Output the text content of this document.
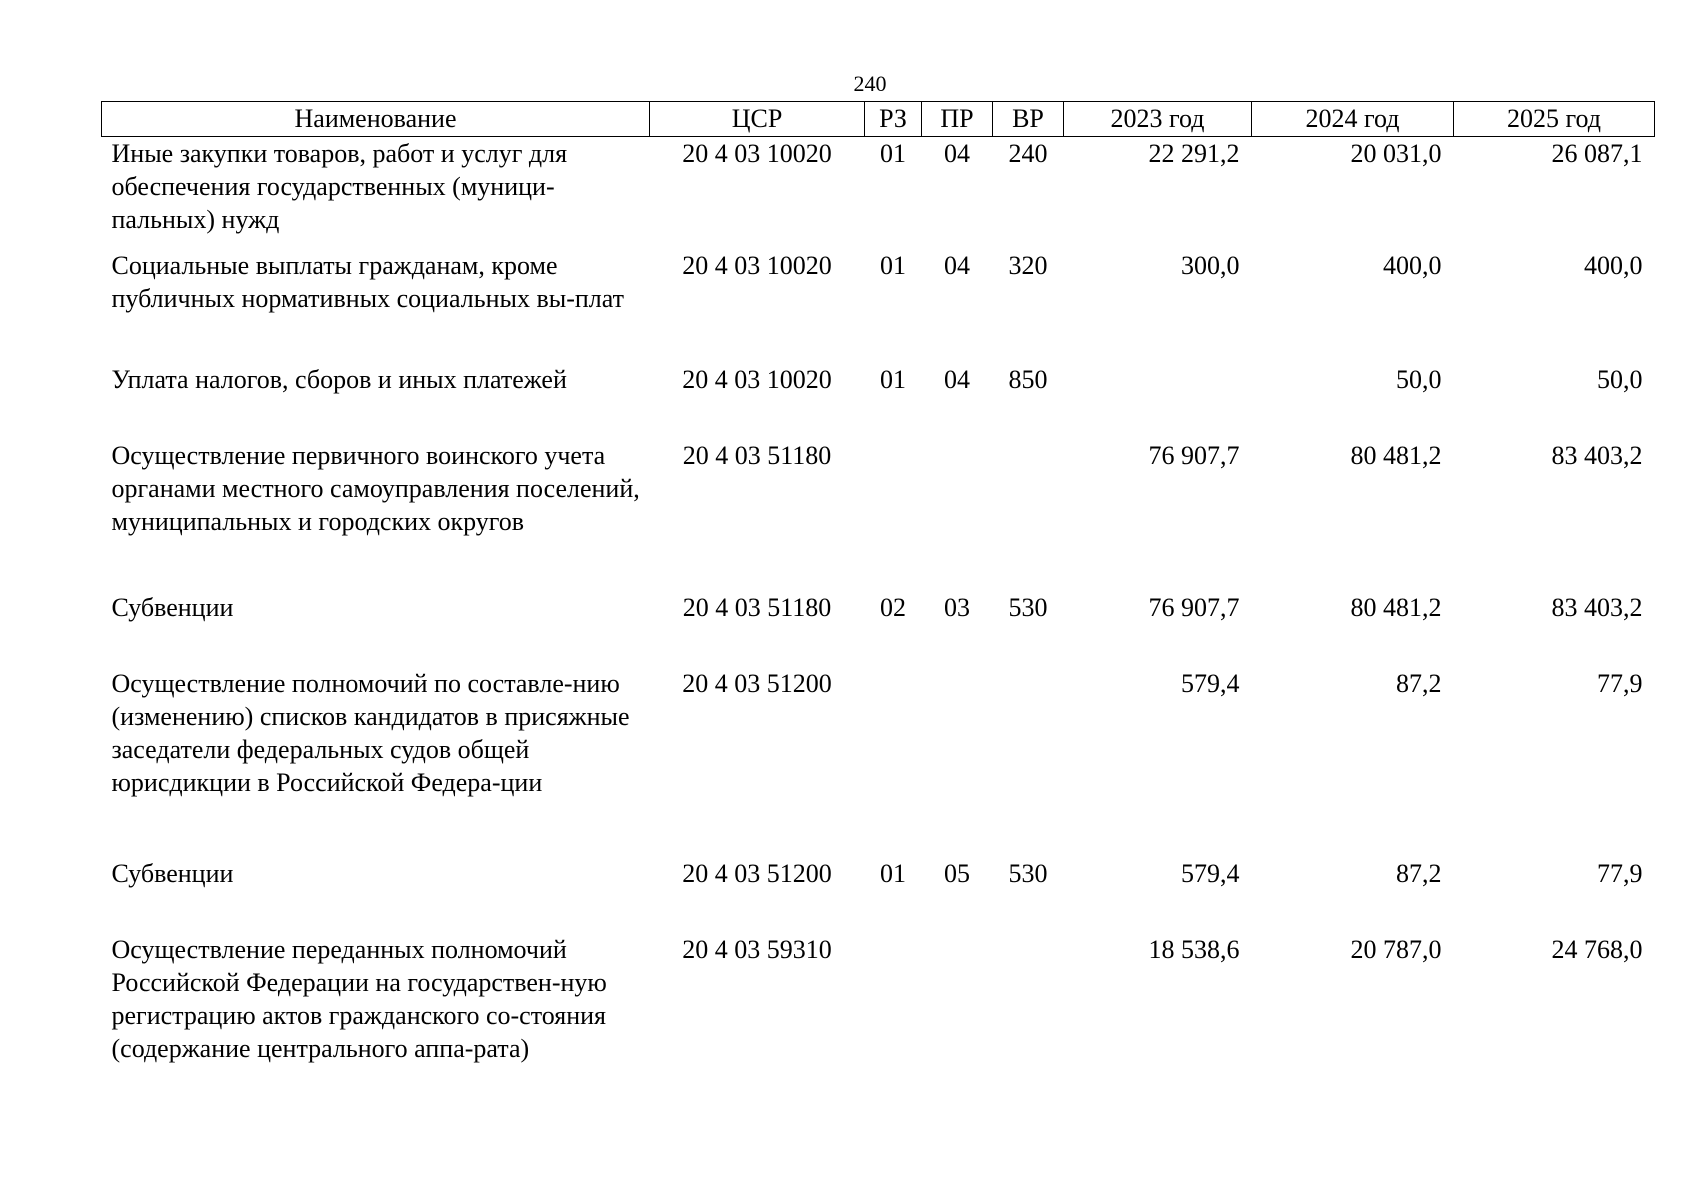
240
Наименование	ЦСР	РЗ	ПР	ВР	2023 год	2024 год	2025 год
Иные закупки товаров, работ и услуг для обеспечения государственных (муници-пальных) нужд	20 4 03 10020	01	04	240	22 291,2	20 031,0	26 087,1
Социальные выплаты гражданам, кроме публичных нормативных социальных вы-плат	20 4 03 10020	01	04	320	300,0	400,0	400,0
Уплата налогов, сборов и иных платежей	20 4 03 10020	01	04	850		50,0	50,0
Осуществление первичного воинского учета органами местного самоуправления поселений, муниципальных и городских округов	20 4 03 51180				76 907,7	80 481,2	83 403,2
Субвенции	20 4 03 51180	02	03	530	76 907,7	80 481,2	83 403,2
Осуществление полномочий по составле-нию (изменению) списков кандидатов в присяжные заседатели федеральных судов общей юрисдикции в Российской Федера-ции	20 4 03 51200				579,4	87,2	77,9
Субвенции	20 4 03 51200	01	05	530	579,4	87,2	77,9
Осуществление переданных полномочий Российской Федерации на государствен-ную регистрацию актов гражданского со-стояния (содержание центрального аппа-рата)	20 4 03 59310				18 538,6	20 787,0	24 768,0
